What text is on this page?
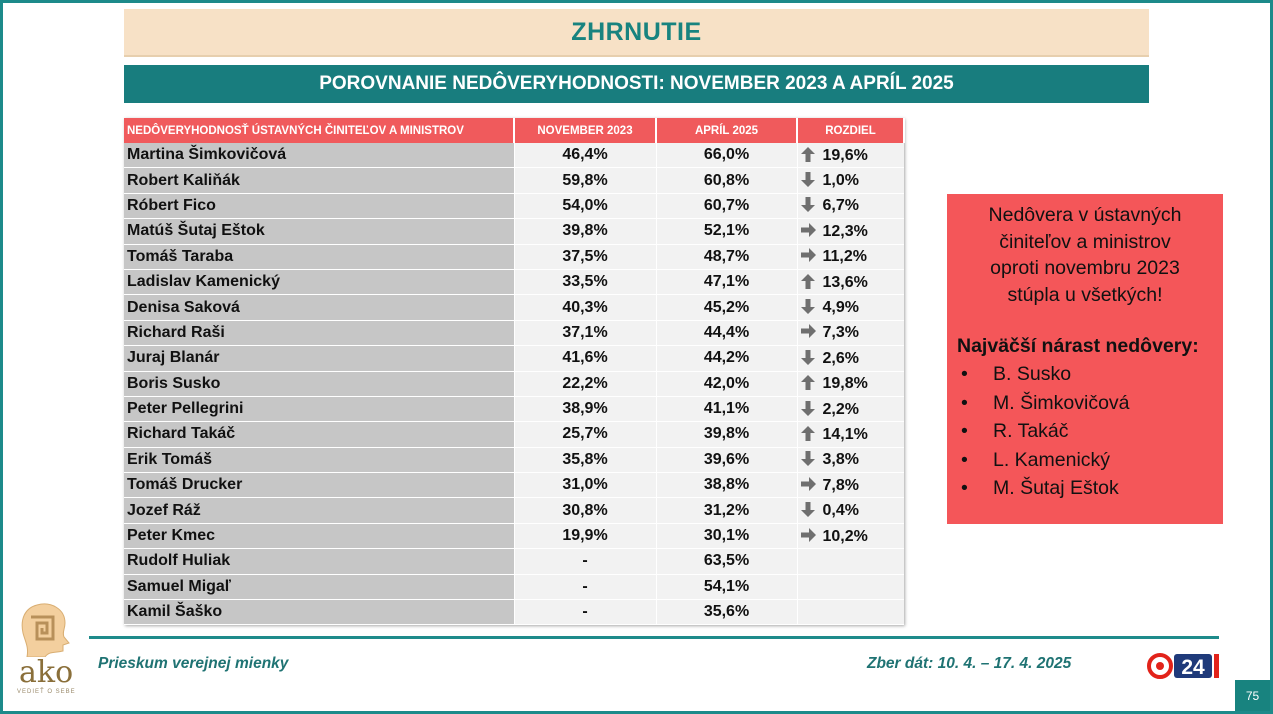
ZHRNUTIE
POROVNANIE NEDÔVERYHODNOSTI: NOVEMBER 2023 A APRÍL 2025
NEDÔVERYHODNOSŤ ÚSTAVNÝCH ČINITEĽOV A MINISTROV	NOVEMBER 2023	APRÍL 2025	ROZDIEL
Martina Šimkovičová	46,4%	66,0%	19,6%
Robert Kaliňák	59,8%	60,8%	1,0%
Róbert Fico	54,0%	60,7%	6,7%
Matúš Šutaj Eštok	39,8%	52,1%	12,3%
Tomáš Taraba	37,5%	48,7%	11,2%
Ladislav Kamenický	33,5%	47,1%	13,6%
Denisa Saková	40,3%	45,2%	4,9%
Richard Raši	37,1%	44,4%	7,3%
Juraj Blanár	41,6%	44,2%	2,6%
Boris Susko	22,2%	42,0%	19,8%
Peter Pellegrini	38,9%	41,1%	2,2%
Richard Takáč	25,7%	39,8%	14,1%
Erik Tomáš	35,8%	39,6%	3,8%
Tomáš Drucker	31,0%	38,8%	7,8%
Jozef Ráž	30,8%	31,2%	0,4%
Peter Kmec	19,9%	30,1%	10,2%
Rudolf Huliak	-	63,5%	
Samuel Migaľ	-	54,1%	
Kamil Šaško	-	35,6%	
Nedôvera v ústavných
činiteľov a ministrov
oproti novembru 2023
stúpla u všetkých!
Najväčší nárast nedôvery:
•	B. Susko
•	M. Šimkovičová
•	R. Takáč
•	L. Kamenický
•	M. Šutaj Eštok
ako
VEDIEŤ O SEBE
Prieskum verejnej mienky	Zber dát: 10. 4. – 17. 4. 2025	24
75
